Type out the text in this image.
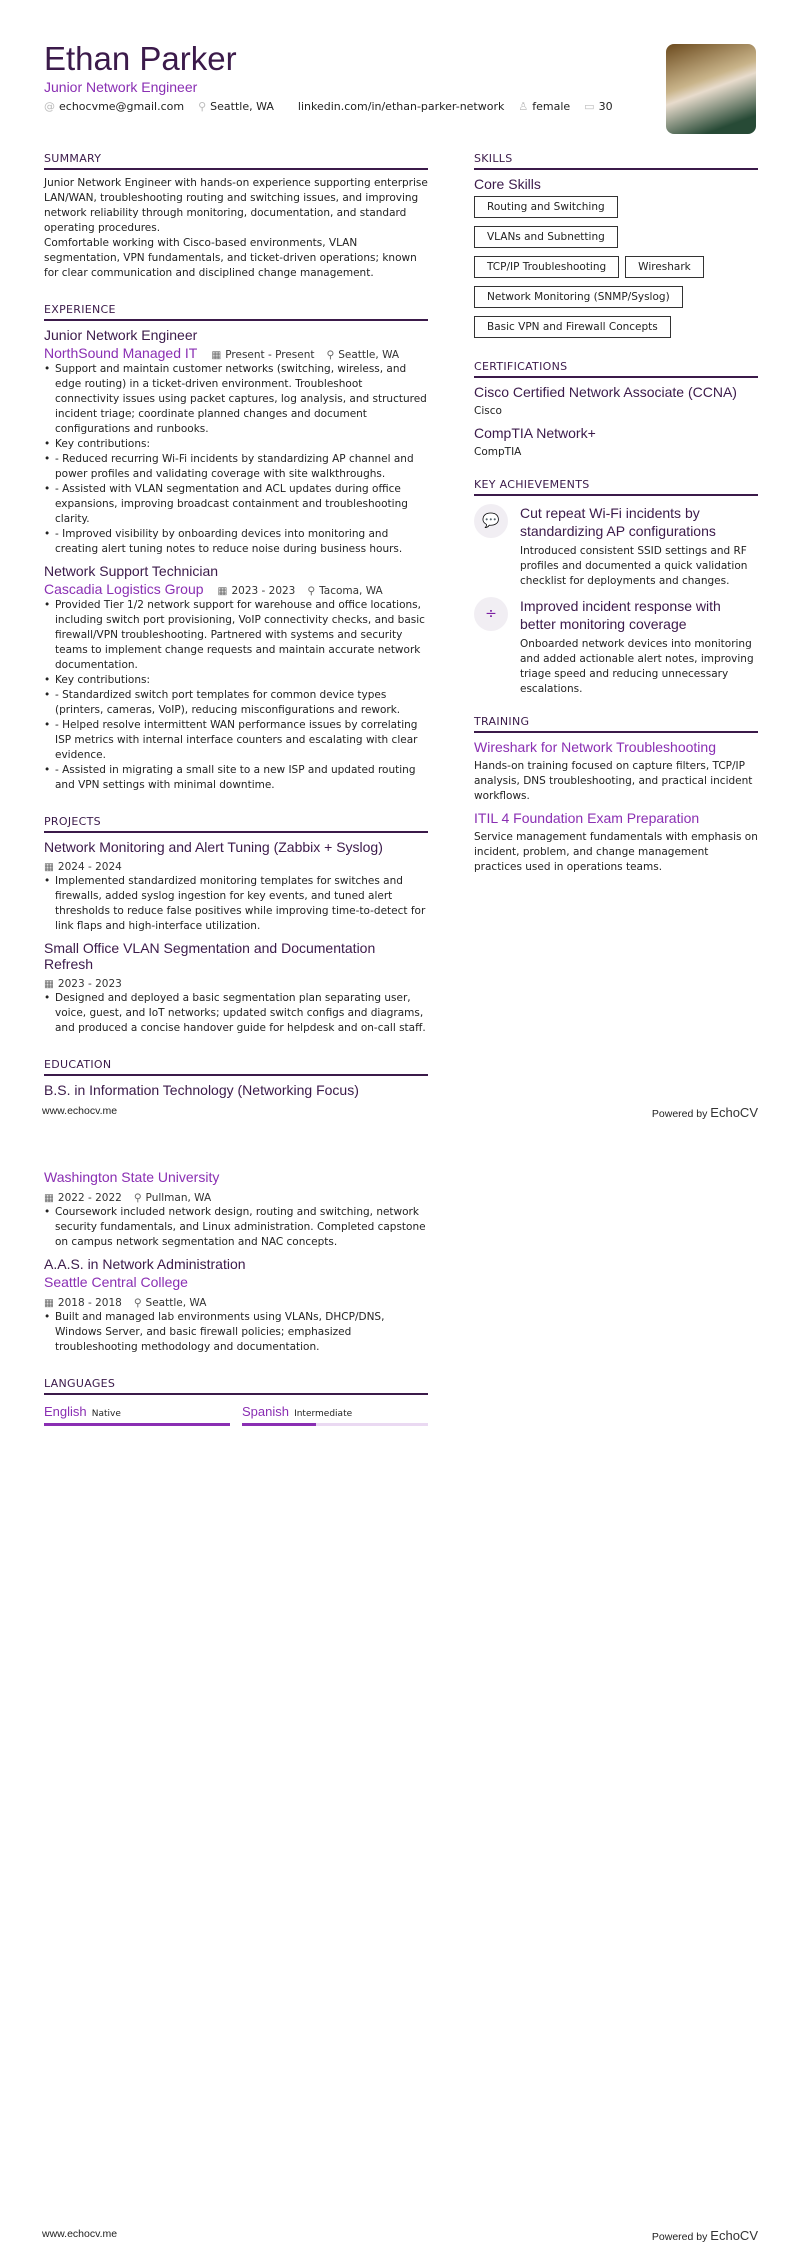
Ethan Parker
Junior Network Engineer
@ echocvme@gmail.com ⚲ Seattle, WA linkedin.com/in/ethan-parker-network ♙ female ▭ 30
SUMMARY

Junior Network Engineer with hands-on experience supporting enterprise LAN/WAN, troubleshooting routing and switching issues, and improving network reliability through monitoring, documentation, and standard operating procedures.

Comfortable working with Cisco-based environments, VLAN segmentation, VPN fundamentals, and ticket-driven operations; known for clear communication and disciplined change management.

EXPERIENCE
Junior Network Engineer
NorthSound Managed IT ▦ Present - Present ⚲ Seattle, WA
• Support and maintain customer networks (switching, wireless, and edge routing) in a ticket-driven environment. Troubleshoot connectivity issues using packet captures, log analysis, and structured incident triage; coordinate planned changes and document configurations and runbooks.
• Key contributions:
• - Reduced recurring Wi-Fi incidents by standardizing AP channel and power profiles and validating coverage with site walkthroughs.
• - Assisted with VLAN segmentation and ACL updates during office expansions, improving broadcast containment and troubleshooting clarity.
• - Improved visibility by onboarding devices into monitoring and creating alert tuning notes to reduce noise during business hours.
Network Support Technician
Cascadia Logistics Group ▦ 2023 - 2023 ⚲ Tacoma, WA
• Provided Tier 1/2 network support for warehouse and office locations, including switch port provisioning, VoIP connectivity checks, and basic firewall/VPN troubleshooting. Partnered with systems and security teams to implement change requests and maintain accurate network documentation.
• Key contributions:
• - Standardized switch port templates for common device types (printers, cameras, VoIP), reducing misconfigurations and rework.
• - Helped resolve intermittent WAN performance issues by correlating ISP metrics with internal interface counters and escalating with clear evidence.
• - Assisted in migrating a small site to a new ISP and updated routing and VPN settings with minimal downtime.
PROJECTS
Network Monitoring and Alert Tuning (Zabbix + Syslog)
▦ 2024 - 2024
• Implemented standardized monitoring templates for switches and firewalls, added syslog ingestion for key events, and tuned alert thresholds to reduce false positives while improving time-to-detect for link flaps and high-interface utilization.
Small Office VLAN Segmentation and Documentation Refresh
▦ 2023 - 2023
• Designed and deployed a basic segmentation plan separating user, voice, guest, and IoT networks; updated switch configs and diagrams, and produced a concise handover guide for helpdesk and on-call staff.
EDUCATION
B.S. in Information Technology (Networking Focus)
SKILLS
Core Skills
Routing and Switching
VLANs and Subnetting
TCP/IP Troubleshooting	Wireshark
Network Monitoring (SNMP/Syslog)
Basic VPN and Firewall Concepts
CERTIFICATIONS
Cisco Certified Network Associate (CCNA)
Cisco
CompTIA Network+
CompTIA
KEY ACHIEVEMENTS
💬	Cut repeat Wi-Fi incidents by standardizing AP configurations
Introduced consistent SSID settings and RF profiles and documented a quick validation checklist for deployments and changes.
÷	Improved incident response with better monitoring coverage
Onboarded network devices into monitoring and added actionable alert notes, improving triage speed and reducing unnecessary escalations.
TRAINING
Wireshark for Network Troubleshooting
Hands-on training focused on capture filters, TCP/IP analysis, DNS troubleshooting, and practical incident workflows.
ITIL 4 Foundation Exam Preparation
Service management fundamentals with emphasis on incident, problem, and change management practices used in operations teams.
www.echocv.me	Powered by EchoCV
Washington State University
▦ 2022 - 2022 ⚲ Pullman, WA
• Coursework included network design, routing and switching, network security fundamentals, and Linux administration. Completed capstone on campus network segmentation and NAC concepts.
A.A.S. in Network Administration
Seattle Central College
▦ 2018 - 2018 ⚲ Seattle, WA
• Built and managed lab environments using VLANs, DHCP/DNS, Windows Server, and basic firewall policies; emphasized troubleshooting methodology and documentation.
LANGUAGES
English Native	Spanish Intermediate
www.echocv.me	Powered by EchoCV
